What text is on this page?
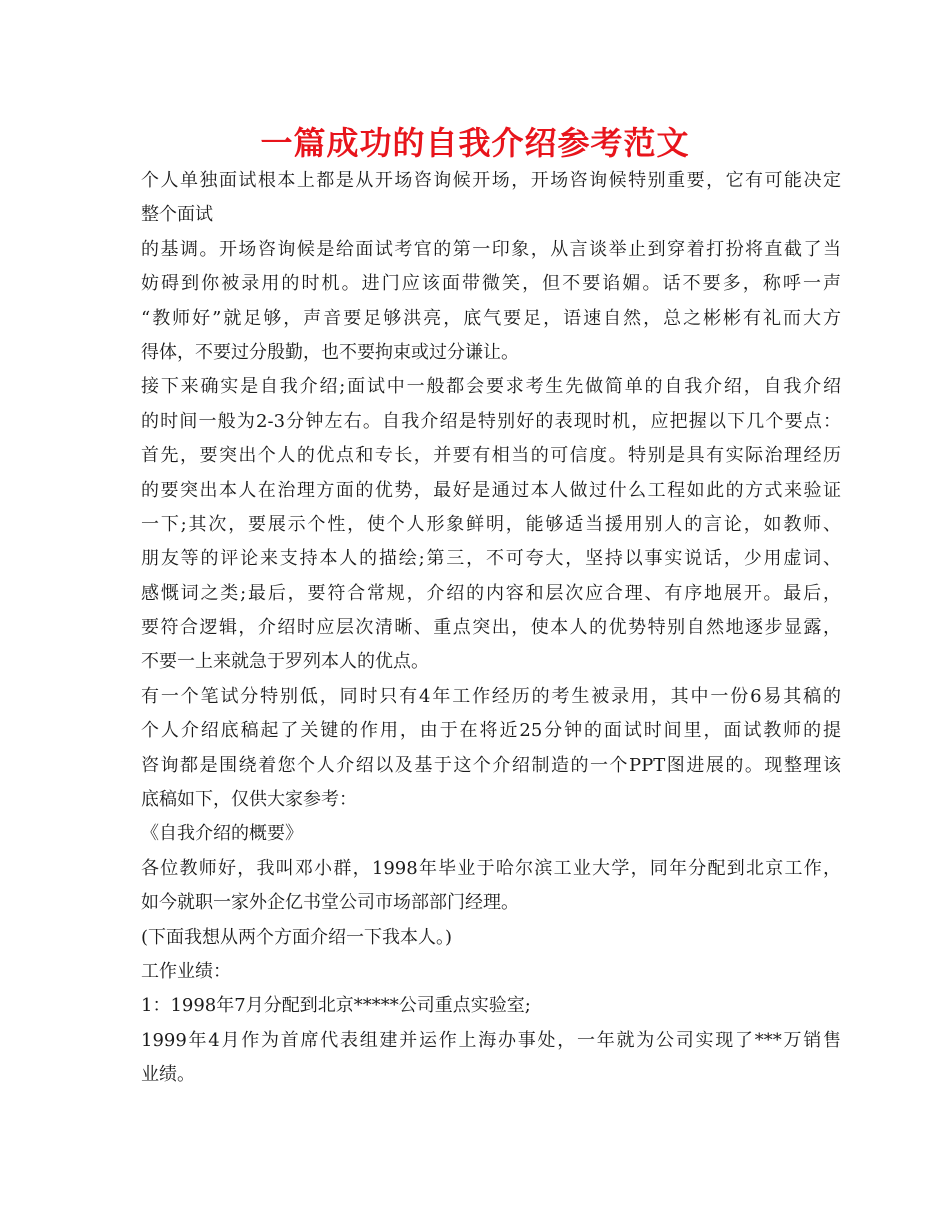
一篇成功的自我介绍参考范文
个人单独面试根本上都是从开场咨询候开场，开场咨询候特别重要，它有可能决定
整个面试
的基调。开场咨询候是给面试考官的第一印象，从言谈举止到穿着打扮将直截了当
妨碍到你被录用的时机。进门应该面带微笑，但不要谄媚。话不要多，称呼一声
“教师好”就足够，声音要足够洪亮，底气要足，语速自然，总之彬彬有礼而大方
得体，不要过分殷勤，也不要拘束或过分谦让。
接下来确实是自我介绍;面试中一般都会要求考生先做简单的自我介绍，自我介绍
的时间一般为2-3分钟左右。自我介绍是特别好的表现时机，应把握以下几个要点：
首先，要突出个人的优点和专长，并要有相当的可信度。特别是具有实际治理经历
的要突出本人在治理方面的优势，最好是通过本人做过什么工程如此的方式来验证
一下;其次，要展示个性，使个人形象鲜明，能够适当援用别人的言论，如教师、
朋友等的评论来支持本人的描绘;第三，不可夸大，坚持以事实说话，少用虚词、
感慨词之类;最后，要符合常规，介绍的内容和层次应合理、有序地展开。最后，
要符合逻辑，介绍时应层次清晰、重点突出，使本人的优势特别自然地逐步显露，
不要一上来就急于罗列本人的优点。
有一个笔试分特别低，同时只有4年工作经历的考生被录用，其中一份6易其稿的
个人介绍底稿起了关键的作用，由于在将近25分钟的面试时间里，面试教师的提
咨询都是围绕着您个人介绍以及基于这个介绍制造的一个PPT图进展的。现整理该
底稿如下，仅供大家参考：
《自我介绍的概要》
各位教师好，我叫邓小群，1998年毕业于哈尔滨工业大学，同年分配到北京工作，
如今就职一家外企亿书堂公司市场部部门经理。
(下面我想从两个方面介绍一下我本人。)
工作业绩：
1：1998年7月分配到北京*****公司重点实验室;
1999年4月作为首席代表组建并运作上海办事处，一年就为公司实现了***万销售
业绩。
